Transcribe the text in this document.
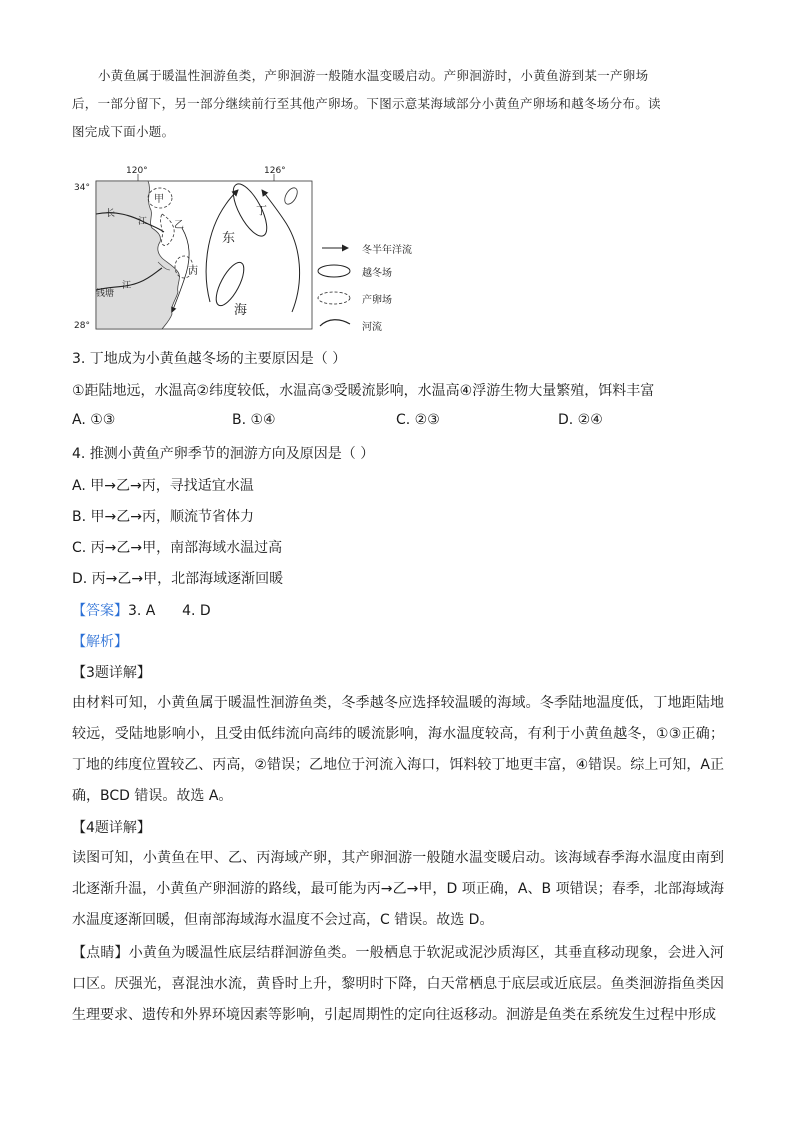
小黄鱼属于暖温性洄游鱼类，产卵洄游一般随水温变暖启动。产卵洄游时，小黄鱼游到某一产卵场

后，一部分留下，另一部分继续前行至其他产卵场。下图示意某海域部分小黄鱼产卵场和越冬场分布。读

图完成下面小题。

120°	126°
34°
28°
甲
乙
丙
丁
长
江
钱塘
江
东
海
冬半年洋流
越冬场
产卵场
河流
3. 丁地成为小黄鱼越冬场的主要原因是（ ）
①距陆地远，水温高②纬度较低，水温高③受暖流影响，水温高④浮游生物大量繁殖，饵料丰富
A. ①③	B. ①④	C. ②③	D. ②④
4. 推测小黄鱼产卵季节的洄游方向及原因是（ ）
A. 甲→乙→丙，寻找适宜水温
B. 甲→乙→丙，顺流节省体力
C. 丙→乙→甲，南部海域水温过高
D. 丙→乙→甲，北部海域逐渐回暖
【答案】3. A      4. D
【解析】
【3题详解】

由材料可知，小黄鱼属于暖温性洄游鱼类，冬季越冬应选择较温暖的海域。冬季陆地温度低，丁地距陆地较远，受陆地影响小，且受由低纬流向高纬的暖流影响，海水温度较高，有利于小黄鱼越冬，①③正确；丁地的纬度位置较乙、丙高，②错误；乙地位于河流入海口，饵料较丁地更丰富，④错误。综上可知，A正确，BCD 错误。故选 A。

【4题详解】

读图可知，小黄鱼在甲、乙、丙海域产卵，其产卵洄游一般随水温变暖启动。该海域春季海水温度由南到北逐渐升温，小黄鱼产卵洄游的路线，最可能为丙→乙→甲，D 项正确，A、B 项错误；春季，北部海域海水温度逐渐回暖，但南部海域海水温度不会过高，C 错误。故选 D。

【点睛】小黄鱼为暖温性底层结群洄游鱼类。一般栖息于软泥或泥沙质海区，其垂直移动现象，会进入河口区。厌强光，喜混浊水流，黄昏时上升，黎明时下降，白天常栖息于底层或近底层。鱼类洄游指鱼类因生理要求、遗传和外界环境因素等影响，引起周期性的定向往返移动。洄游是鱼类在系统发生过程中形成
